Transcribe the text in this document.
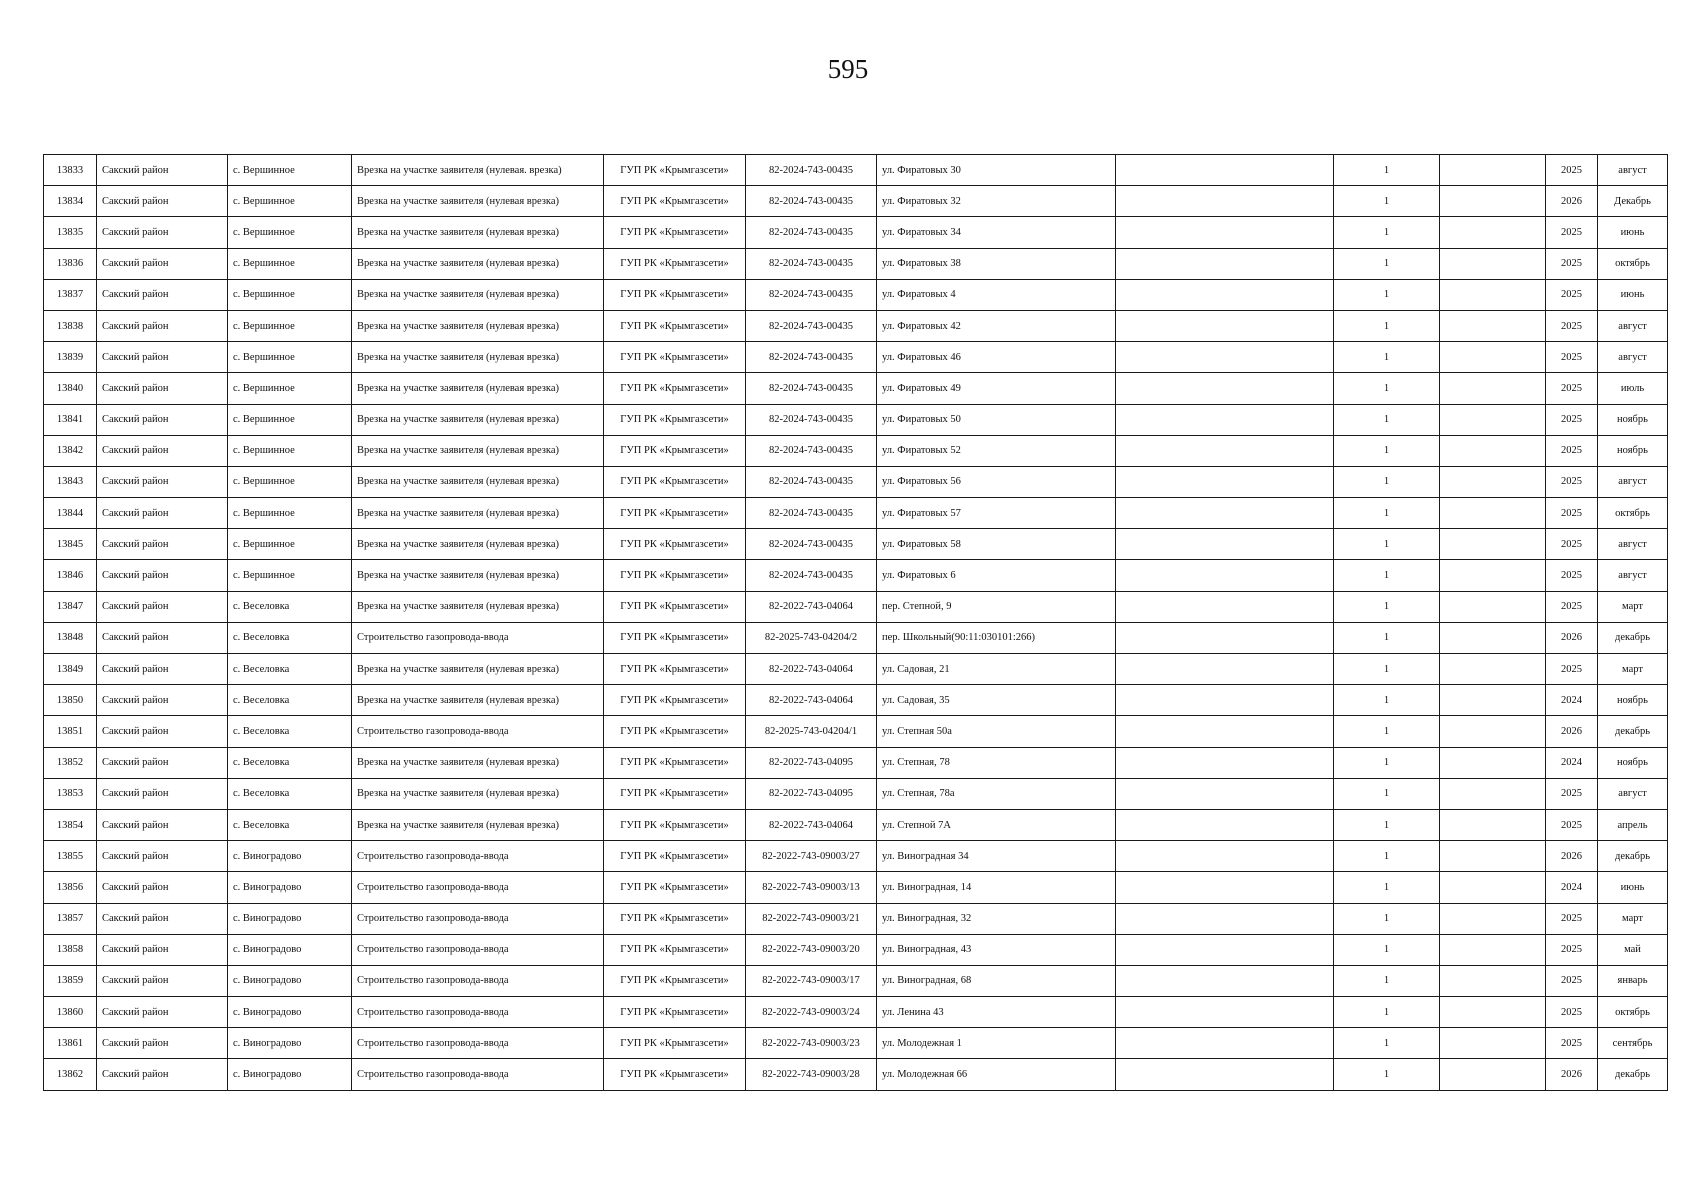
595
13833	Сакский район	с. Вершинное	Врезка на участке заявителя (нулевая. врезка)	ГУП РК «Крымгазсети»	82-2024-743-00435	ул. Фиратовых 30		1		2025	август
13834	Сакский район	с. Вершинное	Врезка на участке заявителя (нулевая врезка)	ГУП РК «Крымгазсети»	82-2024-743-00435	ул. Фиратовых 32		1		2026	Декабрь
13835	Сакский район	с. Вершинное	Врезка на участке заявителя (нулевая врезка)	ГУП РК «Крымгазсети»	82-2024-743-00435	ул. Фиратовых 34		1		2025	июнь
13836	Сакский район	с. Вершинное	Врезка на участке заявителя (нулевая врезка)	ГУП РК «Крымгазсети»	82-2024-743-00435	ул. Фиратовых 38		1		2025	октябрь
13837	Сакский район	с. Вершинное	Врезка на участке заявителя (нулевая врезка)	ГУП РК «Крымгазсети»	82-2024-743-00435	ул. Фиратовых 4		1		2025	июнь
13838	Сакский район	с. Вершинное	Врезка на участке заявителя (нулевая врезка)	ГУП РК «Крымгазсети»	82-2024-743-00435	ул. Фиратовых 42		1		2025	август
13839	Сакский район	с. Вершинное	Врезка на участке заявителя (нулевая врезка)	ГУП РК «Крымгазсети»	82-2024-743-00435	ул. Фиратовых 46		1		2025	август
13840	Сакский район	с. Вершинное	Врезка на участке заявителя (нулевая врезка)	ГУП РК «Крымгазсети»	82-2024-743-00435	ул. Фиратовых 49		1		2025	июль
13841	Сакский район	с. Вершинное	Врезка на участке заявителя (нулевая врезка)	ГУП РК «Крымгазсети»	82-2024-743-00435	ул. Фиратовых 50		1		2025	ноябрь
13842	Сакский район	с. Вершинное	Врезка на участке заявителя (нулевая врезка)	ГУП РК «Крымгазсети»	82-2024-743-00435	ул. Фиратовых 52		1		2025	ноябрь
13843	Сакский район	с. Вершинное	Врезка на участке заявителя (нулевая врезка)	ГУП РК «Крымгазсети»	82-2024-743-00435	ул. Фиратовых 56		1		2025	август
13844	Сакский район	с. Вершинное	Врезка на участке заявителя (нулевая врезка)	ГУП РК «Крымгазсети»	82-2024-743-00435	ул. Фиратовых 57		1		2025	октябрь
13845	Сакский район	с. Вершинное	Врезка на участке заявителя (нулевая врезка)	ГУП РК «Крымгазсети»	82-2024-743-00435	ул. Фиратовых 58		1		2025	август
13846	Сакский район	с. Вершинное	Врезка на участке заявителя (нулевая врезка)	ГУП РК «Крымгазсети»	82-2024-743-00435	ул. Фиратовых 6		1		2025	август
13847	Сакский район	с. Веселовка	Врезка на участке заявителя (нулевая врезка)	ГУП РК «Крымгазсети»	82-2022-743-04064	пер. Степной, 9		1		2025	март
13848	Сакский район	с. Веселовка	Строительство газопровода-ввода	ГУП РК «Крымгазсети»	82-2025-743-04204/2	пер. Школьный(90:11:030101:266)		1		2026	декабрь
13849	Сакский район	с. Веселовка	Врезка на участке заявителя (нулевая врезка)	ГУП РК «Крымгазсети»	82-2022-743-04064	ул. Садовая, 21		1		2025	март
13850	Сакский район	с. Веселовка	Врезка на участке заявителя (нулевая врезка)	ГУП РК «Крымгазсети»	82-2022-743-04064	ул. Садовая, 35		1		2024	ноябрь
13851	Сакский район	с. Веселовка	Строительство газопровода-ввода	ГУП РК «Крымгазсети»	82-2025-743-04204/1	ул. Степная 50а		1		2026	декабрь
13852	Сакский район	с. Веселовка	Врезка на участке заявителя (нулевая врезка)	ГУП РК «Крымгазсети»	82-2022-743-04095	ул. Степная, 78		1		2024	ноябрь
13853	Сакский район	с. Веселовка	Врезка на участке заявителя (нулевая врезка)	ГУП РК «Крымгазсети»	82-2022-743-04095	ул. Степная, 78а		1		2025	август
13854	Сакский район	с. Веселовка	Врезка на участке заявителя (нулевая врезка)	ГУП РК «Крымгазсети»	82-2022-743-04064	ул. Степной 7А		1		2025	апрель
13855	Сакский район	с. Виноградово	Строительство газопровода-ввода	ГУП РК «Крымгазсети»	82-2022-743-09003/27	ул. Виноградная 34		1		2026	декабрь
13856	Сакский район	с. Виноградово	Строительство газопровода-ввода	ГУП РК «Крымгазсети»	82-2022-743-09003/13	ул. Виноградная, 14		1		2024	июнь
13857	Сакский район	с. Виноградово	Строительство газопровода-ввода	ГУП РК «Крымгазсети»	82-2022-743-09003/21	ул. Виноградная, 32		1		2025	март
13858	Сакский район	с. Виноградово	Строительство газопровода-ввода	ГУП РК «Крымгазсети»	82-2022-743-09003/20	ул. Виноградная, 43		1		2025	май
13859	Сакский район	с. Виноградово	Строительство газопровода-ввода	ГУП РК «Крымгазсети»	82-2022-743-09003/17	ул. Виноградная, 68		1		2025	январь
13860	Сакский район	с. Виноградово	Строительство газопровода-ввода	ГУП РК «Крымгазсети»	82-2022-743-09003/24	ул. Ленина 43		1		2025	октябрь
13861	Сакский район	с. Виноградово	Строительство газопровода-ввода	ГУП РК «Крымгазсети»	82-2022-743-09003/23	ул. Молодежная 1		1		2025	сентябрь
13862	Сакский район	с. Виноградово	Строительство газопровода-ввода	ГУП РК «Крымгазсети»	82-2022-743-09003/28	ул. Молодежная 66		1		2026	декабрь
